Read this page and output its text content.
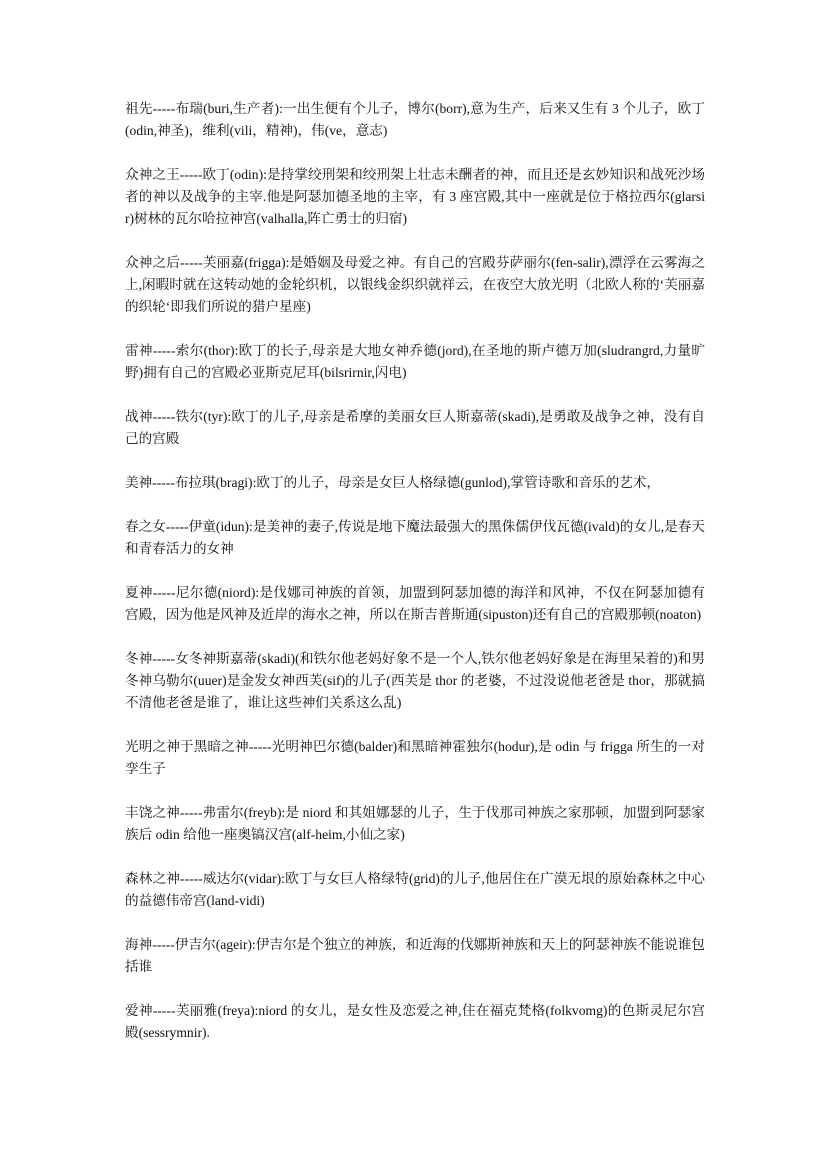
祖先-----布瑞(buri,生产者):一出生便有个儿子，博尔(borr),意为生产，后来又生有 3 个儿子，欧丁(odin,神圣)，维利(vili，精神)，伟(ve，意志)

众神之王-----欧丁(odin):是持掌绞刑架和绞刑架上壮志未酬者的神，而且还是玄妙知识和战死沙场者的神以及战争的主宰.他是阿瑟加德圣地的主宰，有 3 座宫殿,其中一座就是位于格拉西尔(glarsir)树林的瓦尔哈拉神宫(valhalla,阵亡勇士的归宿)

众神之后-----芙丽嘉(frigga):是婚姻及母爱之神。有自己的宫殿芬萨丽尔(fen-salir),漂浮在云雾海之上,闲暇时就在这转动她的金轮织机，以银线金织织就祥云，在夜空大放光明（北欧人称的‘芙丽嘉的织轮‘即我们所说的猎户星座)

雷神-----索尔(thor):欧丁的长子,母亲是大地女神乔德(jord),在圣地的斯卢德万加(sludrangrd,力量旷野)拥有自己的宫殿必亚斯克尼耳(bilsrirnir,闪电)

战神-----铁尔(tyr):欧丁的儿子,母亲是希摩的美丽女巨人斯嘉蒂(skadi),是勇敢及战争之神，没有自己的宫殿

美神-----布拉琪(bragi):欧丁的儿子，母亲是女巨人格绿德(gunlod),掌管诗歌和音乐的艺术，

春之女-----伊童(idun):是美神的妻子,传说是地下魔法最强大的黑侏儒伊伐瓦德(ivald)的女儿,是春天和青春活力的女神

夏神-----尼尔德(niord):是伐娜司神族的首领，加盟到阿瑟加德的海洋和风神，不仅在阿瑟加德有宫殿，因为他是风神及近岸的海水之神，所以在斯吉普斯通(sipuston)还有自己的宫殿那顿(noaton)

冬神-----女冬神斯嘉蒂(skadi)(和铁尔他老妈好象不是一个人,铁尔他老妈好象是在海里呆着的)和男冬神乌勒尔(uuer)是金发女神西芙(sif)的儿子(西芙是 thor 的老婆，不过没说他老爸是 thor，那就搞不清他老爸是谁了，谁让这些神们关系这么乱)

光明之神于黑暗之神-----光明神巴尔德(balder)和黑暗神霍独尔(hodur),是 odin 与 frigga 所生的一对孪生子

丰饶之神-----弗雷尔(freyb):是 niord 和其姐娜瑟的儿子，生于伐那司神族之家那顿，加盟到阿瑟家族后 odin 给他一座奥镐汉宫(alf-heim,小仙之家)

森林之神-----威达尔(vidar):欧丁与女巨人格绿特(grid)的儿子,他居住在广漠无垠的原始森林之中心的益德伟帝宫(land-vidi)

海神-----伊吉尔(ageir):伊吉尔是个独立的神族，和近海的伐娜斯神族和天上的阿瑟神族不能说谁包括谁

爱神-----芙丽雅(freya):niord 的女儿，是女性及恋爱之神,住在福克梵格(folkvomg)的色斯灵尼尔宫殿(sessrymnir).
